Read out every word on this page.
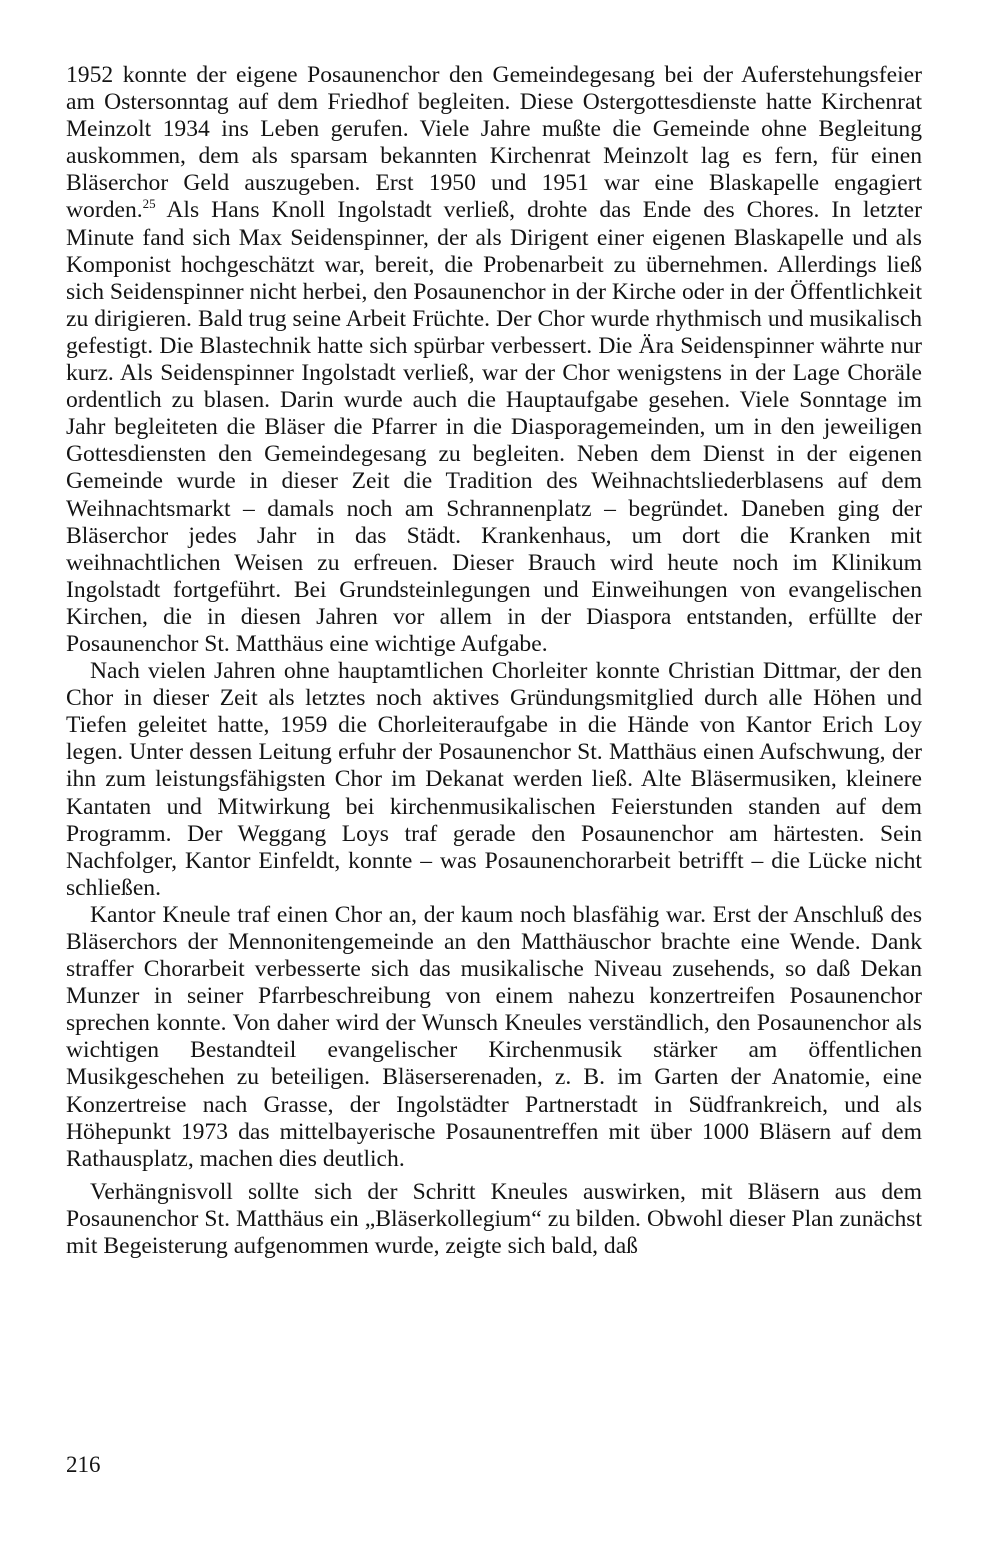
1952 konnte der eigene Posaunenchor den Gemeindegesang bei der Auferstehungsfeier am Ostersonntag auf dem Friedhof begleiten. Diese Ostergottesdienste hatte Kirchenrat Meinzolt 1934 ins Leben gerufen. Viele Jahre mußte die Gemeinde ohne Begleitung auskommen, dem als sparsam bekannten Kirchenrat Meinzolt lag es fern, für einen Bläserchor Geld auszugeben. Erst 1950 und 1951 war eine Blaskapelle engagiert worden.$^{25}$ Als Hans Knoll Ingolstadt verließ, drohte das Ende des Chores. In letzter Minute fand sich Max Seidenspinner, der als Dirigent einer eigenen Blaskapelle und als Komponist hochgeschätzt war, bereit, die Probenarbeit zu übernehmen. Allerdings ließ sich Seidenspinner nicht herbei, den Posaunenchor in der Kirche oder in der Öffentlichkeit zu dirigieren. Bald trug seine Arbeit Früchte. Der Chor wurde rhythmisch und musikalisch gefestigt. Die Blastechnik hatte sich spürbar verbessert. Die Ära Seidenspinner währte nur kurz. Als Seidenspinner Ingolstadt verließ, war der Chor wenigstens in der Lage Choräle ordentlich zu blasen. Darin wurde auch die Hauptaufgabe gesehen. Viele Sonntage im Jahr begleiteten die Bläser die Pfarrer in die Diasporagemeinden, um in den jeweiligen Gottesdiensten den Gemeindegesang zu begleiten. Neben dem Dienst in der eigenen Gemeinde wurde in dieser Zeit die Tradition des Weihnachtsliederblasens auf dem Weihnachtsmarkt – damals noch am Schrannenplatz – begründet. Daneben ging der Bläserchor jedes Jahr in das Städt. Krankenhaus, um dort die Kranken mit weihnachtlichen Weisen zu erfreuen. Dieser Brauch wird heute noch im Klinikum Ingolstadt fortgeführt. Bei Grundsteinlegungen und Einweihungen von evangelischen Kirchen, die in diesen Jahren vor allem in der Diaspora entstanden, erfüllte der Posaunenchor St. Matthäus eine wichtige Aufgabe.

Nach vielen Jahren ohne hauptamtlichen Chorleiter konnte Christian Dittmar, der den Chor in dieser Zeit als letztes noch aktives Gründungsmitglied durch alle Höhen und Tiefen geleitet hatte, 1959 die Chorleiteraufgabe in die Hände von Kantor Erich Loy legen. Unter dessen Leitung erfuhr der Posaunenchor St. Matthäus einen Aufschwung, der ihn zum leistungsfähigsten Chor im Dekanat werden ließ. Alte Bläsermusiken, kleinere Kantaten und Mitwirkung bei kirchenmusikalischen Feierstunden standen auf dem Programm. Der Weggang Loys traf gerade den Posaunenchor am härtesten. Sein Nachfolger, Kantor Einfeldt, konnte – was Posaunenchorarbeit betrifft – die Lücke nicht schließen.

Kantor Kneule traf einen Chor an, der kaum noch blasfähig war. Erst der Anschluß des Bläserchors der Mennonitengemeinde an den Matthäuschor brachte eine Wende. Dank straffer Chorarbeit verbesserte sich das musikalische Niveau zusehends, so daß Dekan Munzer in seiner Pfarrbeschreibung von einem nahezu konzertreifen Posaunenchor sprechen konnte. Von daher wird der Wunsch Kneules verständlich, den Posaunenchor als wichtigen Bestandteil evangelischer Kirchenmusik stärker am öffentlichen Musikgeschehen zu beteiligen. Bläserserenaden, z. B. im Garten der Anatomie, eine Konzertreise nach Grasse, der Ingolstädter Partnerstadt in Südfrankreich, und als Höhepunkt 1973 das mittelbayerische Posaunentreffen mit über 1000 Bläsern auf dem Rathausplatz, machen dies deutlich.

Verhängnisvoll sollte sich der Schritt Kneules auswirken, mit Bläsern aus dem Posaunenchor St. Matthäus ein „Bläserkollegium“ zu bilden. Obwohl dieser Plan zunächst mit Begeisterung aufgenommen wurde, zeigte sich bald, daß

216
